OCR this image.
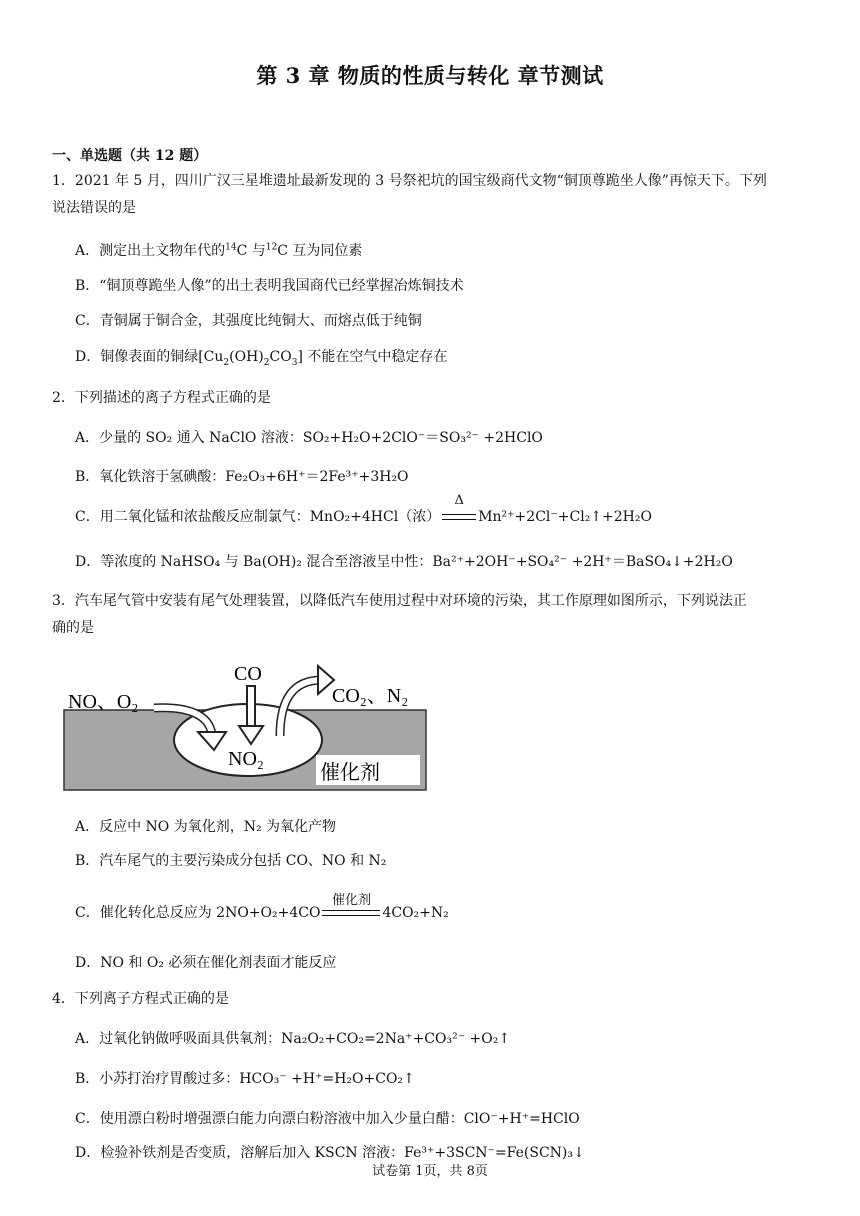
第 3 章 物质的性质与转化 章节测试
一、单选题（共 12 题）
1．2021 年 5 月，四川广汉三星堆遗址最新发现的 3 号祭祀坑的国宝级商代文物“铜顶尊跪坐人像”再惊天下。下列
说法错误的是
A．测定出土文物年代的$^{14}$C 与$^{12}$C 互为同位素
B．“铜顶尊跪坐人像”的出土表明我国商代已经掌握冶炼铜技术
C．青铜属于铜合金，其强度比纯铜大、而熔点低于纯铜
D．铜像表面的铜绿$[Cu_2(OH)_2CO_3]$ 不能在空气中稳定存在
2．下列描述的离子方程式正确的是
A．少量的 SO₂ 通入 NaClO 溶液：SO₂+H₂O+2ClO⁻＝SO₃²⁻ +2HClO
B．氧化铁溶于氢碘酸：Fe₂O₃+6H⁺＝2Fe³⁺+3H₂O
C．用二氧化锰和浓盐酸反应制氯气：MnO₂+4HCl（浓）
Δ
Mn²⁺+2Cl⁻+Cl₂↑+2H₂O
D．等浓度的 NaHSO₄ 与 Ba(OH)₂ 混合至溶液呈中性：Ba²⁺+2OH⁻+SO₄²⁻ +2H⁺＝BaSO₄↓+2H₂O
3．汽车尾气管中安装有尾气处理装置，以降低汽车使用过程中对环境的污染，其工作原理如图所示，下列说法正
确的是
NO、O₂
CO
CO₂、N₂
NO₂
催化剂
A．反应中 NO 为氧化剂，N₂ 为氧化产物
B．汽车尾气的主要污染成分包括 CO、NO 和 N₂
C．催化转化总反应为 2NO+O₂+4CO
催化剂
4CO₂+N₂
D．NO 和 O₂ 必须在催化剂表面才能反应
4．下列离子方程式正确的是
A．过氧化钠做呼吸面具供氧剂：Na₂O₂+CO₂=2Na⁺+CO₃²⁻ +O₂↑
B．小苏打治疗胃酸过多：HCO₃⁻ +H⁺=H₂O+CO₂↑
C．使用漂白粉时增强漂白能力向漂白粉溶液中加入少量白醋：ClO⁻+H⁺=HClO
D．检验补铁剂是否变质，溶解后加入 KSCN 溶液：Fe³⁺+3SCN⁻=Fe(SCN)₃↓
试卷第 1页，共 8页
